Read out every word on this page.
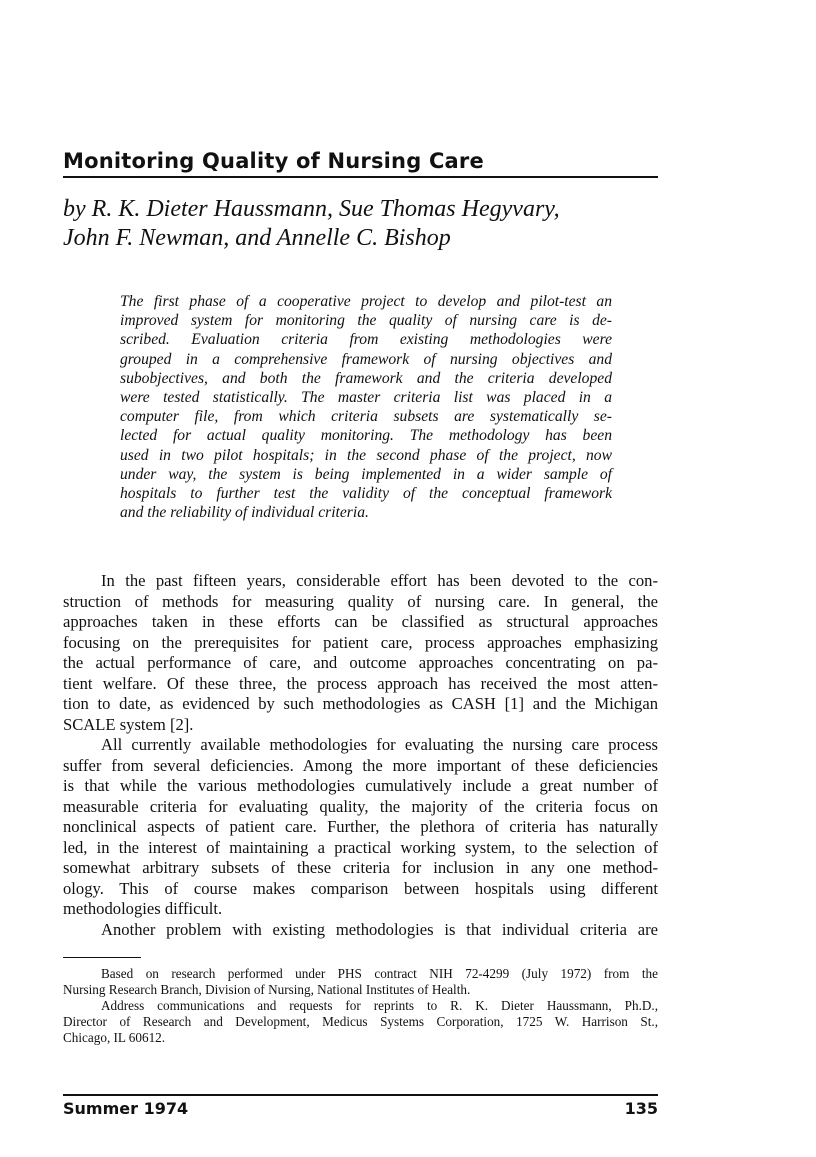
Monitoring Quality of Nursing Care
by R. K. Dieter Haussmann, Sue Thomas Hegyvary,
John F. Newman, and Annelle C. Bishop
The first phase of a cooperative project to develop and pilot-test an
improved system for monitoring the quality of nursing care is de-
scribed. Evaluation criteria from existing methodologies were
grouped in a comprehensive framework of nursing objectives and
subobjectives, and both the framework and the criteria developed
were tested statistically. The master criteria list was placed in a
computer file, from which criteria subsets are systematically se-
lected for actual quality monitoring. The methodology has been
used in two pilot hospitals; in the second phase of the project, now
under way, the system is being implemented in a wider sample of
hospitals to further test the validity of the conceptual framework
and the reliability of individual criteria.
In the past fifteen years, considerable effort has been devoted to the con-
struction of methods for measuring quality of nursing care. In general, the
approaches taken in these efforts can be classified as structural approaches
focusing on the prerequisites for patient care, process approaches emphasizing
the actual performance of care, and outcome approaches concentrating on pa-
tient welfare. Of these three, the process approach has received the most atten-
tion to date, as evidenced by such methodologies as CASH [1] and the Michigan
SCALE system [2].
All currently available methodologies for evaluating the nursing care process
suffer from several deficiencies. Among the more important of these deficiencies
is that while the various methodologies cumulatively include a great number of
measurable criteria for evaluating quality, the majority of the criteria focus on
nonclinical aspects of patient care. Further, the plethora of criteria has naturally
led, in the interest of maintaining a practical working system, to the selection of
somewhat arbitrary subsets of these criteria for inclusion in any one method-
ology. This of course makes comparison between hospitals using different
methodologies difficult.
Another problem with existing methodologies is that individual criteria are
Based on research performed under PHS contract NIH 72-4299 (July 1972) from the
Nursing Research Branch, Division of Nursing, National Institutes of Health.
Address communications and requests for reprints to R. K. Dieter Haussmann, Ph.D.,
Director of Research and Development, Medicus Systems Corporation, 1725 W. Harrison St.,
Chicago, IL 60612.
Summer 1974	135
